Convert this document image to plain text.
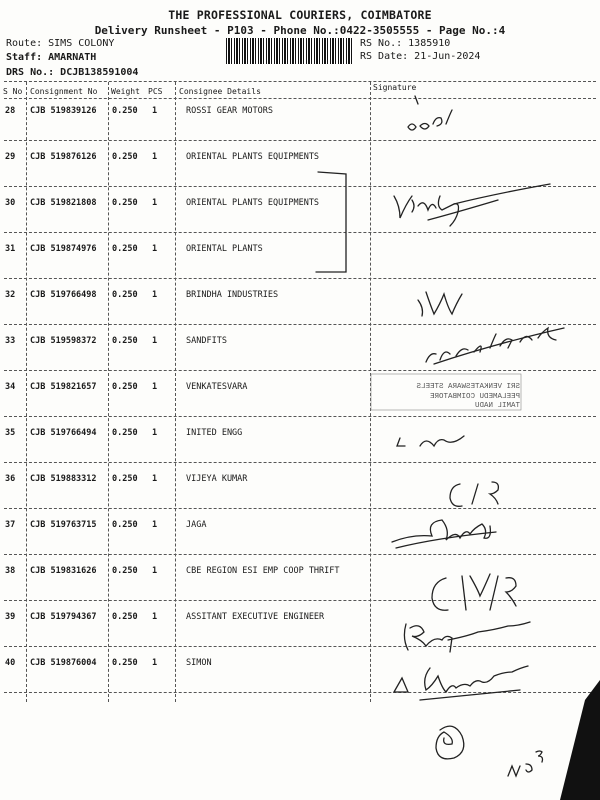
THE PROFESSIONAL COURIERS, COIMBATORE
Delivery Runsheet - P103 - Phone No.:0422-3505555 - Page No.:4
Route: SIMS COLONY
Staff: AMARNATH
DRS No.: DCJB138591004
RS No.: 1385910
RS Date: 21-Jun-2024
S No Consignment No Weight PCS Consignee Details	Signature
28 CJB 519839126 0.250 1	ROSSI GEAR MOTORS
29 CJB 519876126 0.250 1	ORIENTAL PLANTS EQUIPMENTS
30 CJB 519821808 0.250 1	ORIENTAL PLANTS EQUIPMENTS
31 CJB 519874976 0.250 1	ORIENTAL PLANTS
32 CJB 519766498 0.250 1	BRINDHA INDUSTRIES
33 CJB 519598372 0.250 1	SANDFITS
34 CJB 519821657 0.250 1	VENKATESVARA
35 CJB 519766494 0.250 1	INITED ENGG
36 CJB 519883312 0.250 1	VIJEYA KUMAR
37 CJB 519763715 0.250 1	JAGA
38 CJB 519831626 0.250 1	CBE REGION ESI EMP COOP THRIFT
39 CJB 519794367 0.250 1	ASSITANT EXECUTIVE ENGINEER
40 CJB 519876004 0.250 1	SIMON
SRI VENKATESWARA STEELS
PEELAMEDU COIMBATORE
TAMIL NADU
